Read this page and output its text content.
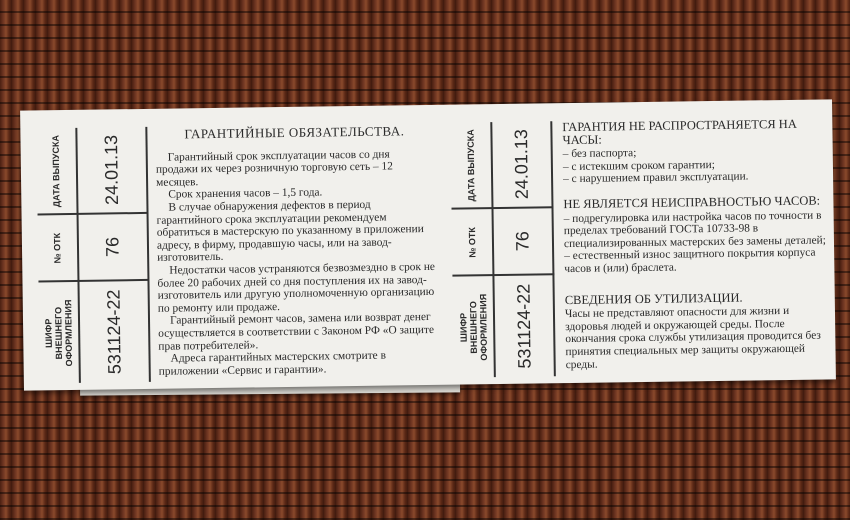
ДАТА ВЫПУСКА 24.01.13
№ ОТК 76
ШИФР ВНЕШНЕГО ОФОРМЛЕНИЯ 531124-22
ГАРАНТИЙНЫЕ ОБЯЗАТЕЛЬСТВА.

Гарантийный срок эксплуатации часов со дня продажи их через розничную торговую сеть – 12 месяцев.

Срок хранения часов – 1,5 года.

В случае обнаружения дефектов в период гарантийного срока эксплуатации рекомендуем обратиться в мастерскую по указанному в приложении адресу, в фирму, продавшую часы, или на завод-изготовитель.

Недостатки часов устраняются безвозмездно в срок не более 20 рабочих дней со дня поступления их на завод-изготовитель или другую уполномоченную организацию по ремонту или продаже.

Гарантийный ремонт часов, замена или возврат денег осуществляется в соответствии с Законом РФ «О защите прав потребителей».

Адреса гарантийных мастерских смотрите в приложении «Сервис и гарантии».

ДАТА ВЫПУСКА 24.01.13
№ ОТК 76
ШИФР ВНЕШНЕГО ОФОРМЛЕНИЯ 531124-22
ГАРАНТИЯ НЕ РАСПРОСТРАНЯЕТСЯ НА ЧАСЫ:

– без паспорта;

– с истекшим сроком гарантии;

– с нарушением правил эксплуатации.

НЕ ЯВЛЯЕТСЯ НЕИСПРАВНОСТЬЮ ЧАСОВ:

– подрегулировка или настройка часов по точности в пределах требований ГОСТа 10733-98 в специализированных мастерских без замены деталей;

– естественный износ защитного покрытия корпуса часов и (или) браслета.

СВЕДЕНИЯ ОБ УТИЛИЗАЦИИ.

Часы не представляют опасности для жизни и здоровья людей и окружающей среды. После окончания срока службы утилизация проводится без принятия специальных мер защиты окружающей среды.
